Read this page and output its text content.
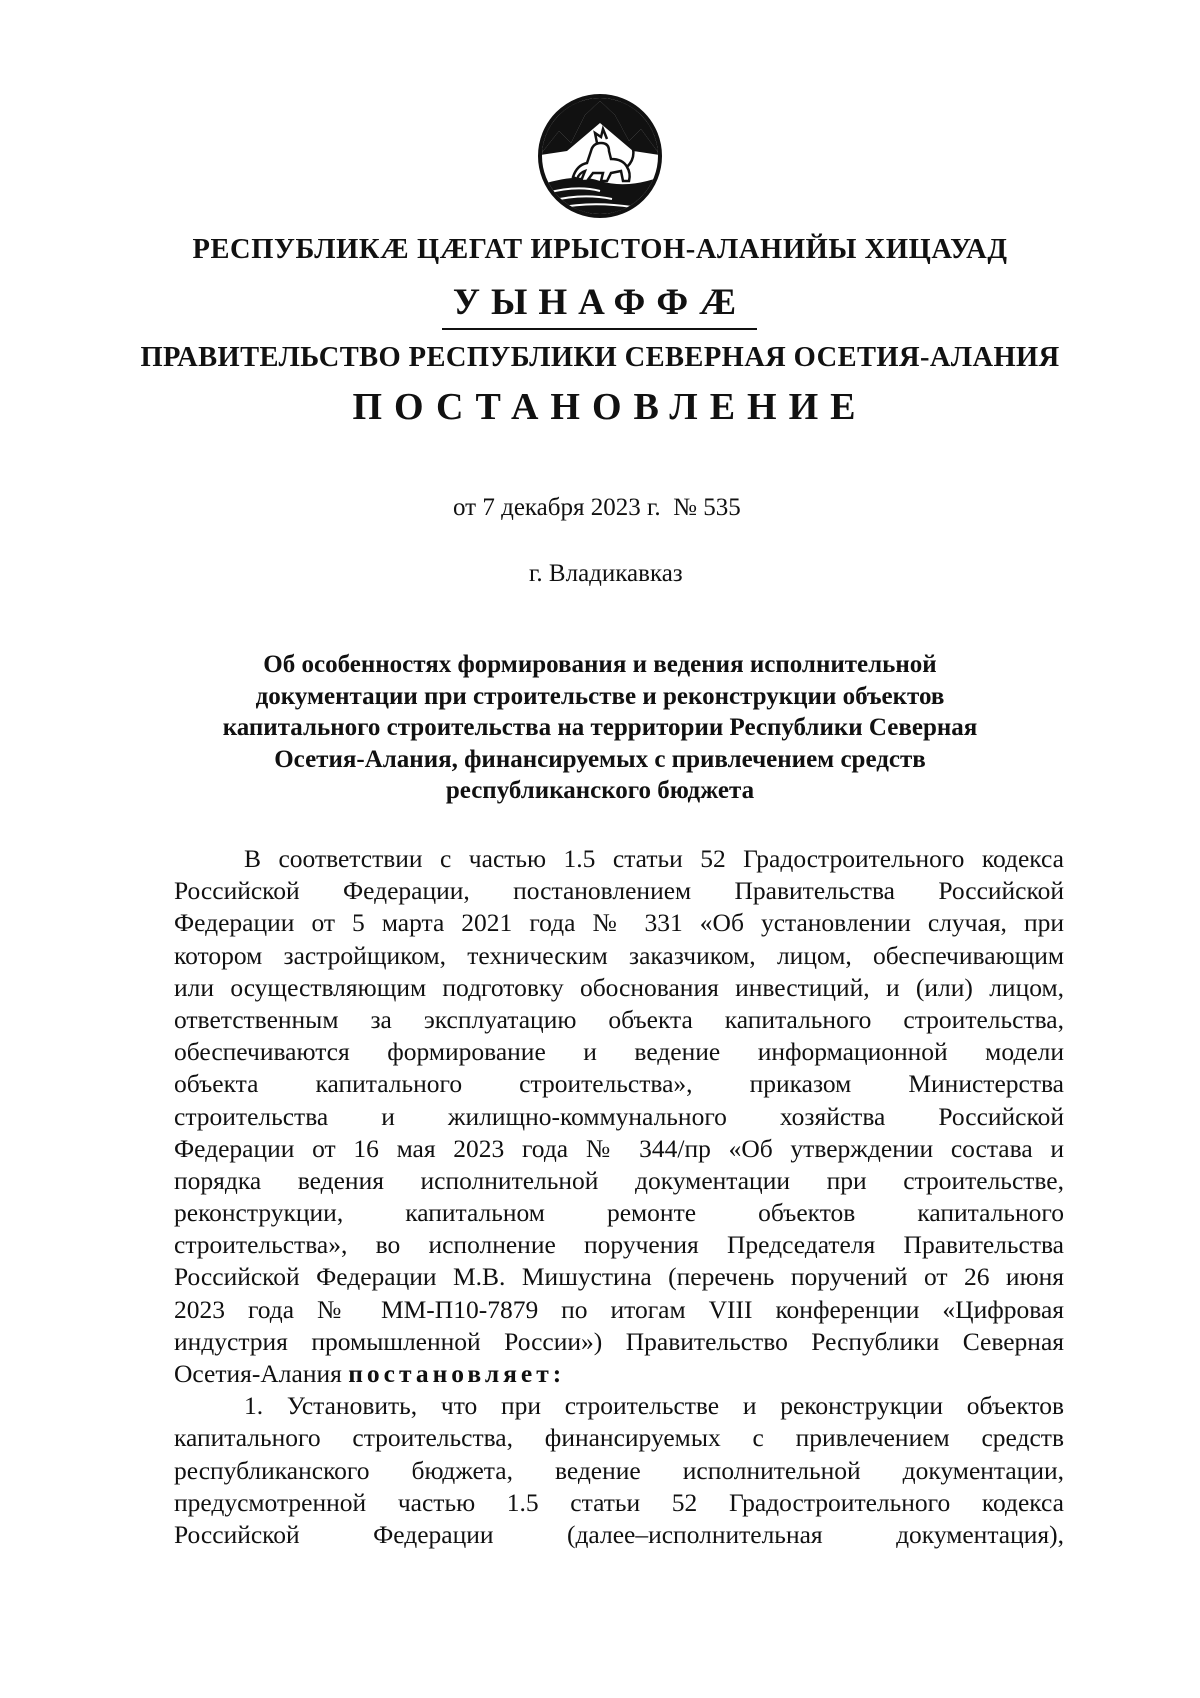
РЕСПУБЛИКӔ ЦӔГАТ ИРЫСТОН-АЛАНИЙЫ ХИЦАУАД
УЫНАФФӔ
ПРАВИТЕЛЬСТВО РЕСПУБЛИКИ СЕВЕРНАЯ ОСЕТИЯ-АЛАНИЯ
ПОСТАНОВЛЕНИЕ
от 7 декабря 2023 г.  № 535
г. Владикавказ
Об особенностях формирования и ведения исполнительной
документации при строительстве и реконструкции объектов
капитального строительства на территории Республики Северная
Осетия-Алания, финансируемых с привлечением средств
республиканского бюджета
В соответствии с частью 1.5 статьи 52 Градостроительного кодекса
Российской Федерации, постановлением Правительства Российской
Федерации от 5 марта 2021 года № 331 «Об установлении случая, при
котором застройщиком, техническим заказчиком, лицом, обеспечивающим
или осуществляющим подготовку обоснования инвестиций, и (или) лицом,
ответственным за эксплуатацию объекта капитального строительства,
обеспечиваются формирование и ведение информационной модели
объекта капитального строительства», приказом Министерства
строительства и жилищно-коммунального хозяйства Российской
Федерации от 16 мая 2023 года № 344/пр «Об утверждении состава и
порядка ведения исполнительной документации при строительстве,
реконструкции, капитальном ремонте объектов капитального
строительства», во исполнение поручения Председателя Правительства
Российской Федерации М.В. Мишустина (перечень поручений от 26 июня
2023 года № ММ-П10-7879 по итогам VIII конференции «Цифровая
индустрия промышленной России») Правительство Республики Северная
Осетия-Алания постановляет:
1. Установить, что при строительстве и реконструкции объектов
капитального строительства, финансируемых с привлечением средств
республиканского бюджета, ведение исполнительной документации,
предусмотренной частью 1.5 статьи 52 Градостроительного кодекса
Российской Федерации (далее–исполнительная документация),
